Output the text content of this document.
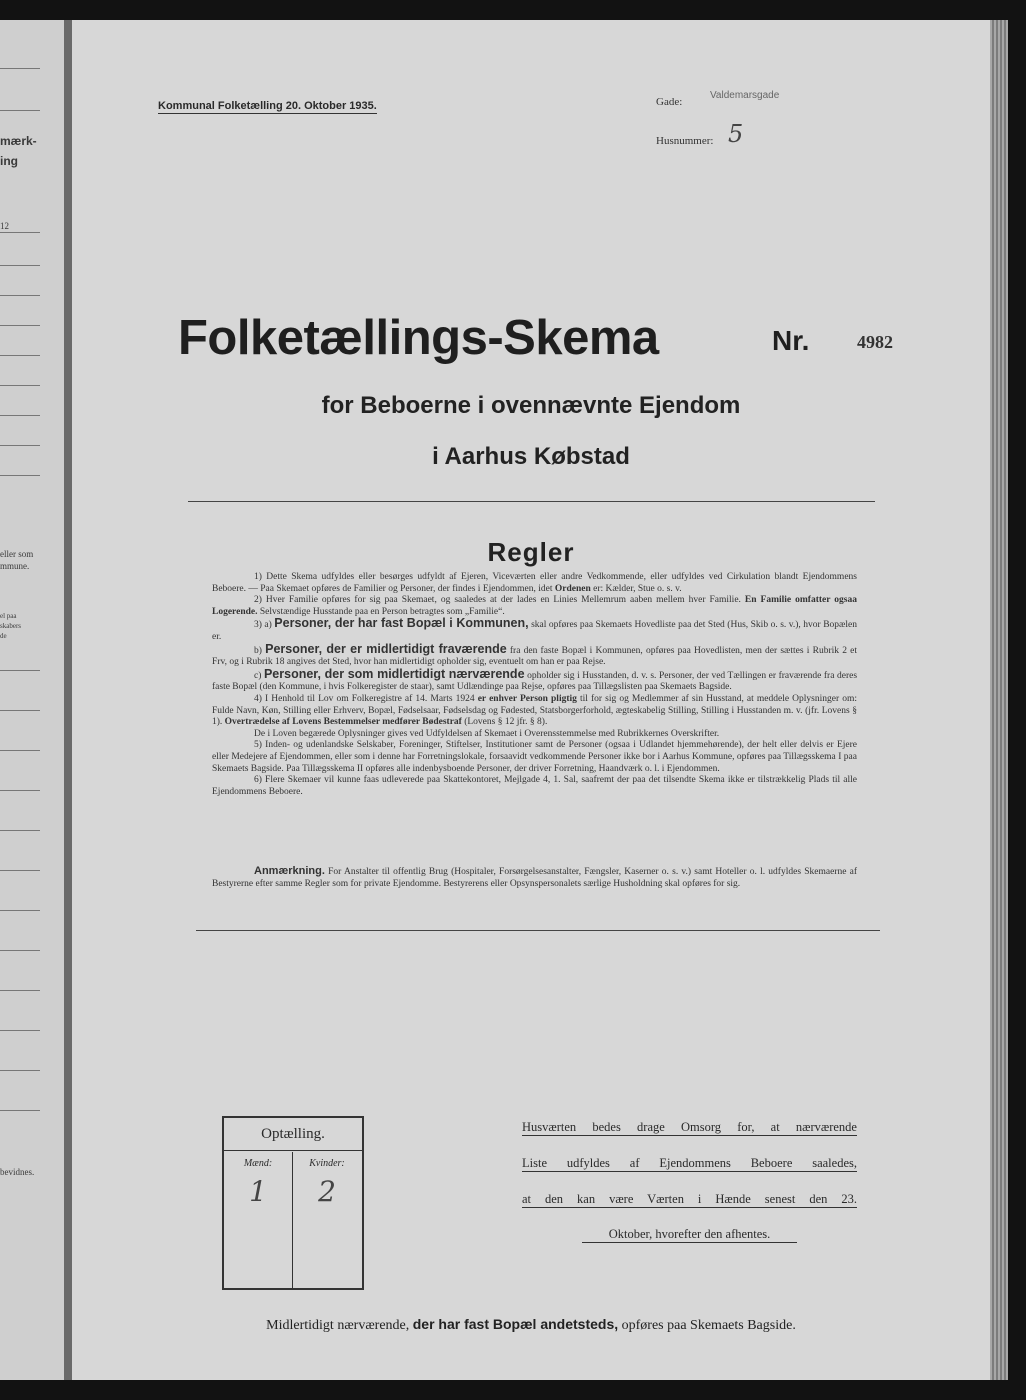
mærk-
ing
12
eller som
mmune.
el paa
skabers
de
bevidnes.
Kommunal Folketælling 20. Oktober 1935.	Gade:
Valdemarsgade
Husnummer: 5
Folketællings-Skema	Nr.	4982
for Beboerne i ovennævnte Ejendom
i Aarhus Købstad
Regler

1) Dette Skema udfyldes eller besørges udfyldt af Ejeren, Viceværten eller andre Vedkommende, eller udfyldes ved Cirkulation blandt Ejendommens Beboere. — Paa Skemaet opføres de Familier og Personer, der findes i Ejendommen, idet Ordenen er: Kælder, Stue o. s. v.

2) Hver Familie opføres for sig paa Skemaet, og saaledes at der lades en Linies Mellemrum aaben mellem hver Familie. En Familie omfatter ogsaa Logerende. Selvstændige Husstande paa en Person betragtes som „Familie“.

3) a) Personer, der har fast Bopæl i Kommunen, skal opføres paa Skemaets Hovedliste paa det Sted (Hus, Skib o. s. v.), hvor Bopælen er.

b) Personer, der er midlertidigt fraværende fra den faste Bopæl i Kommunen, opføres paa Hovedlisten, men der sættes i Rubrik 2 et Frv, og i Rubrik 18 angives det Sted, hvor han midlertidigt opholder sig, eventuelt om han er paa Rejse.

c) Personer, der som midlertidigt nærværende opholder sig i Husstanden, d. v. s. Personer, der ved Tællingen er fraværende fra deres faste Bopæl (den Kommune, i hvis Folkeregister de staar), samt Udlændinge paa Rejse, opføres paa Tillægslisten paa Skemaets Bagside.

4) I Henhold til Lov om Folkeregistre af 14. Marts 1924 er enhver Person pligtig til for sig og Medlemmer af sin Husstand, at meddele Oplysninger om: Fulde Navn, Køn, Stilling eller Erhverv, Bopæl, Fødselsaar, Fødselsdag og Fødested, Statsborgerforhold, ægteskabelig Stilling, Stilling i Husstanden m. v. (jfr. Lovens § 1). Overtrædelse af Lovens Bestemmelser medfører Bødestraf (Lovens § 12 jfr. § 8).

De i Loven begærede Oplysninger gives ved Udfyldelsen af Skemaet i Overensstemmelse med Rubrikkernes Overskrifter.

5) Inden- og udenlandske Selskaber, Foreninger, Stiftelser, Institutioner samt de Personer (ogsaa i Udlandet hjemmehørende), der helt eller delvis er Ejere eller Medejere af Ejendommen, eller som i denne har Forretningslokale, forsaavidt vedkommende Personer ikke bor i Aarhus Kommune, opføres paa Tillægsskema I paa Skemaets Bagside. Paa Tillægsskema II opføres alle indenbysboende Personer, der driver Forretning, Haandværk o. l. i Ejendommen.

6) Flere Skemaer vil kunne faas udleverede paa Skattekontoret, Mejlgade 4, 1. Sal, saafremt der paa det tilsendte Skema ikke er tilstrækkelig Plads til alle Ejendommens Beboere.

Anmærkning. For Anstalter til offentlig Brug (Hospitaler, Forsørgelsesanstalter, Fængsler, Kaserner o. s. v.) samt Hoteller o. l. udfyldes Skemaerne af Bestyrerne efter samme Regler som for private Ejendomme. Bestyrerens eller Opsynspersonalets særlige Husholdning skal opføres for sig.
Optælling.
Mænd:
1
Kvinder:
2
Husværten bedes drage Omsorg for, at nærværende
Liste udfyldes af Ejendommens Beboere saaledes,
at den kan være Værten i Hænde senest den 23.
Oktober, hvorefter den afhentes.
Midlertidigt nærværende, der har fast Bopæl andetsteds, opføres paa Skemaets Bagside.
